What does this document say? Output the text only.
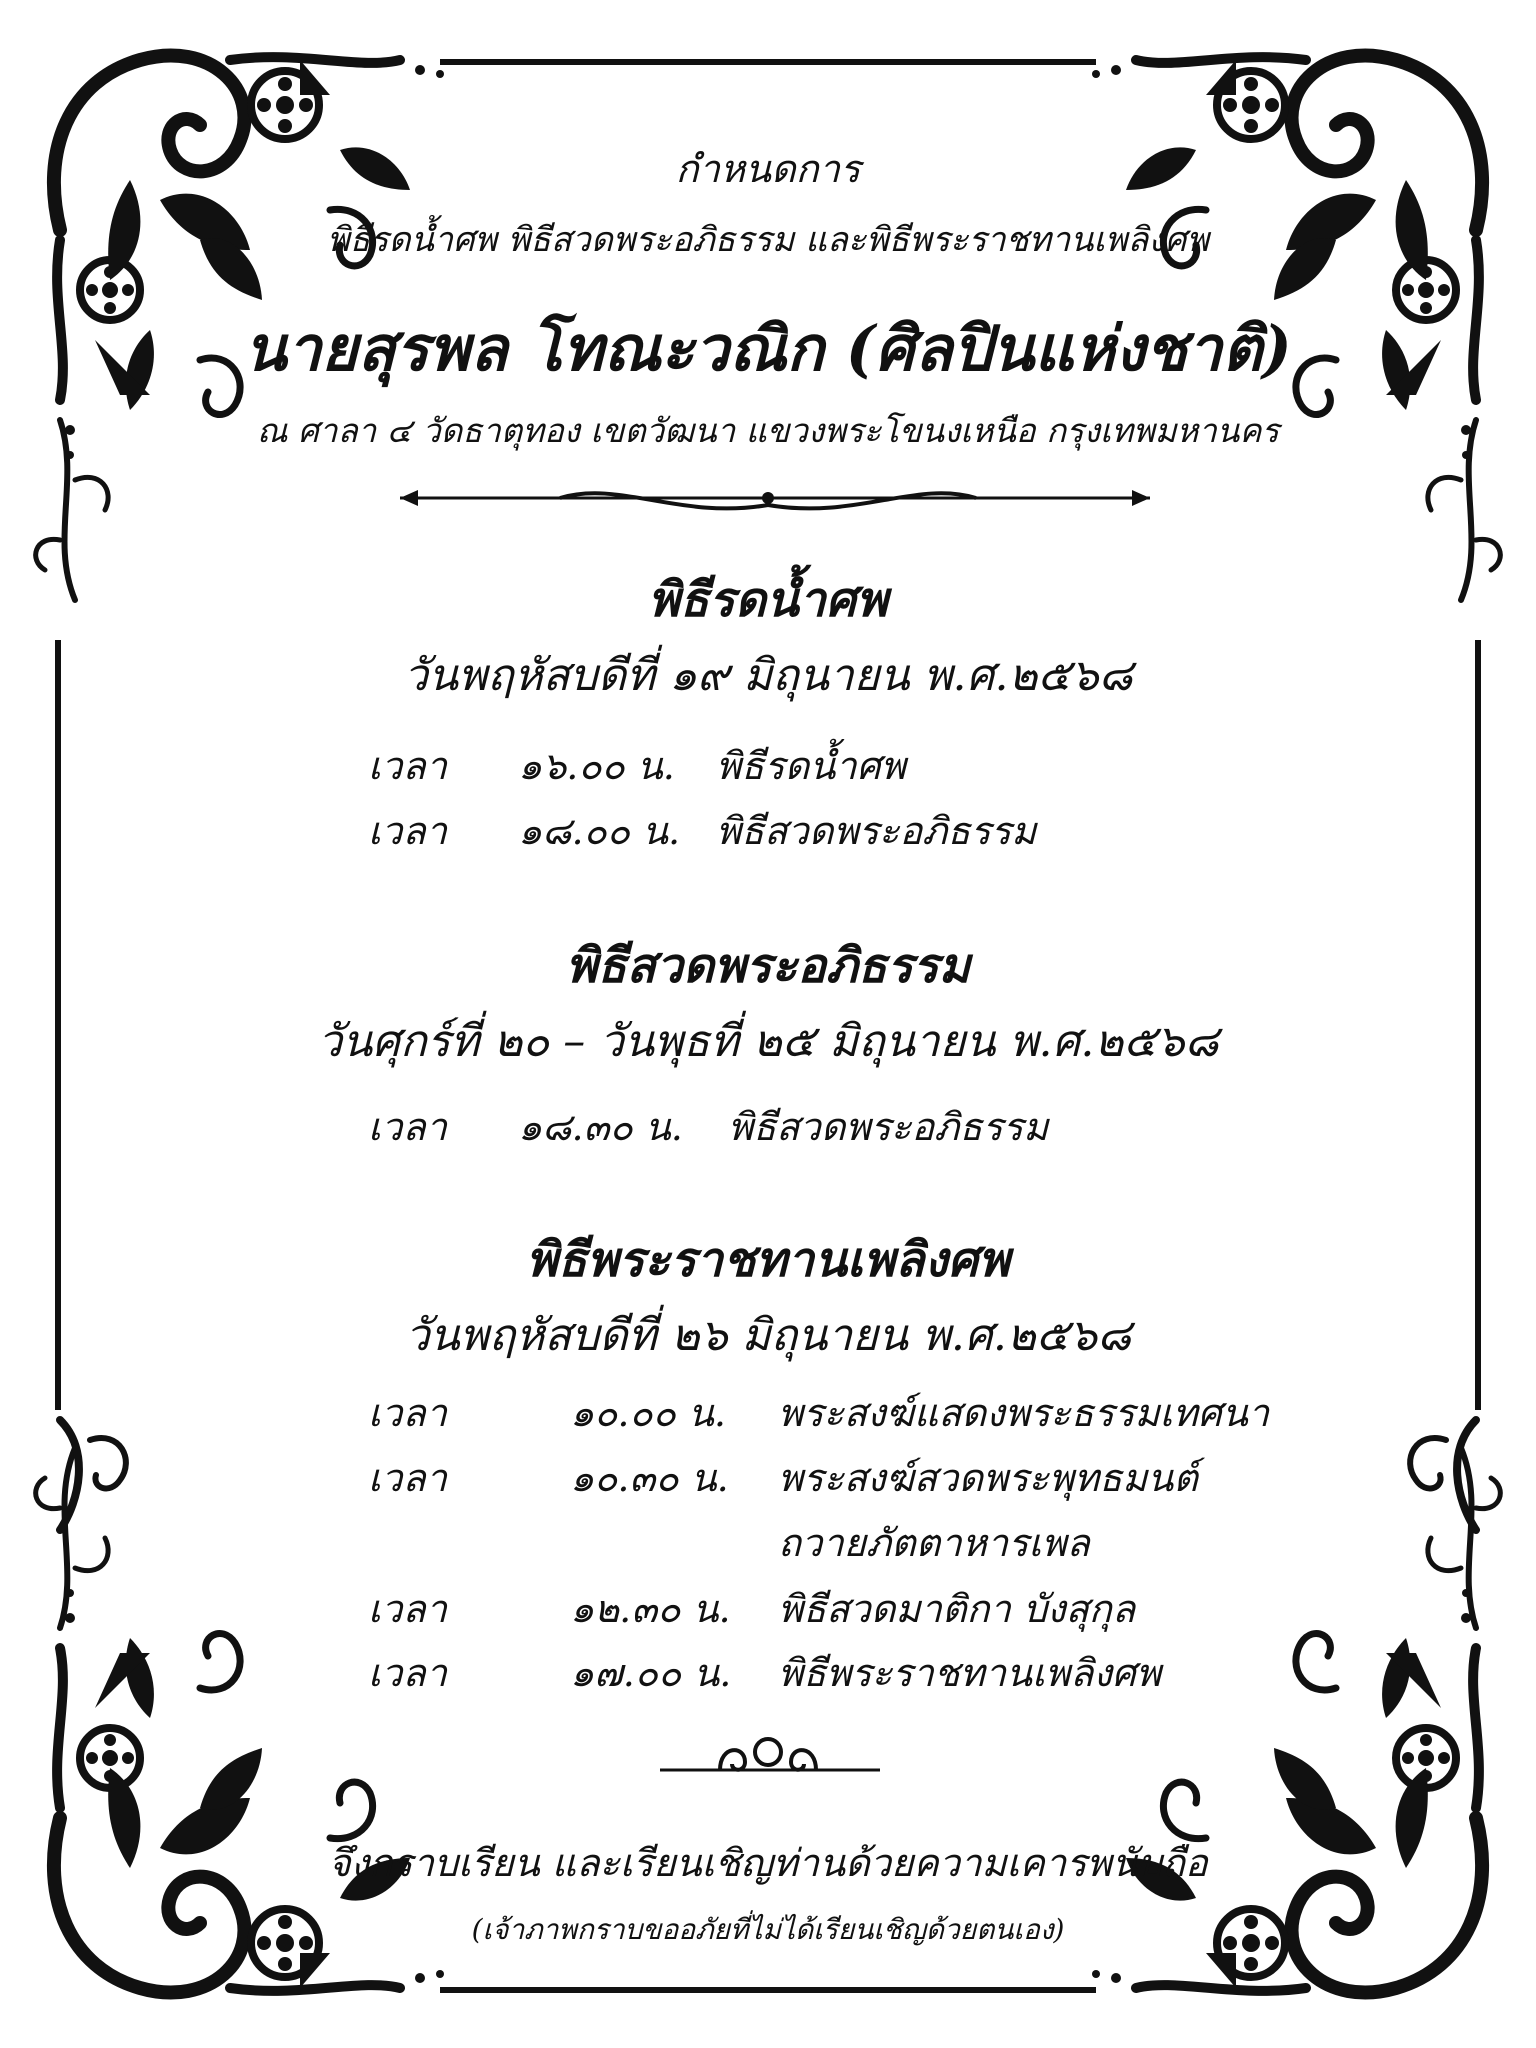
กำหนดการ
พิธีรดน้ำศพ พิธีสวดพระอภิธรรม และพิธีพระราชทานเพลิงศพ
นายสุรพล โทณะวณิก (ศิลปินแห่งชาติ)
ณ ศาลา ๔ วัดธาตุทอง เขตวัฒนา แขวงพระโขนงเหนือ กรุงเทพมหานคร
พิธีรดน้ำศพ
วันพฤหัสบดีที่ ๑๙ มิถุนายน พ.ศ.๒๕๖๘
เวลา ๑๖.๐๐ น. พิธีรดน้ำศพ
เวลา ๑๘.๐๐ น. พิธีสวดพระอภิธรรม
พิธีสวดพระอภิธรรม
วันศุกร์ที่ ๒๐ – วันพุธที่ ๒๕ มิถุนายน พ.ศ.๒๕๖๘
เวลา ๑๘.๓๐ น. พิธีสวดพระอภิธรรม
พิธีพระราชทานเพลิงศพ
วันพฤหัสบดีที่ ๒๖ มิถุนายน พ.ศ.๒๕๖๘
เวลา	๑๐.๐๐ น. พระสงฆ์แสดงพระธรรมเทศนา
เวลา	๑๐.๓๐ น. พระสงฆ์สวดพระพุทธมนต์
ถวายภัตตาหารเพล
เวลา	๑๒.๓๐ น. พิธีสวดมาติกา บังสุกุล
เวลา	๑๗.๐๐ น. พิธีพระราชทานเพลิงศพ
จึงกราบเรียน และเรียนเชิญท่านด้วยความเคารพนับถือ
(เจ้าภาพกราบขออภัยที่ไม่ได้เรียนเชิญด้วยตนเอง)
